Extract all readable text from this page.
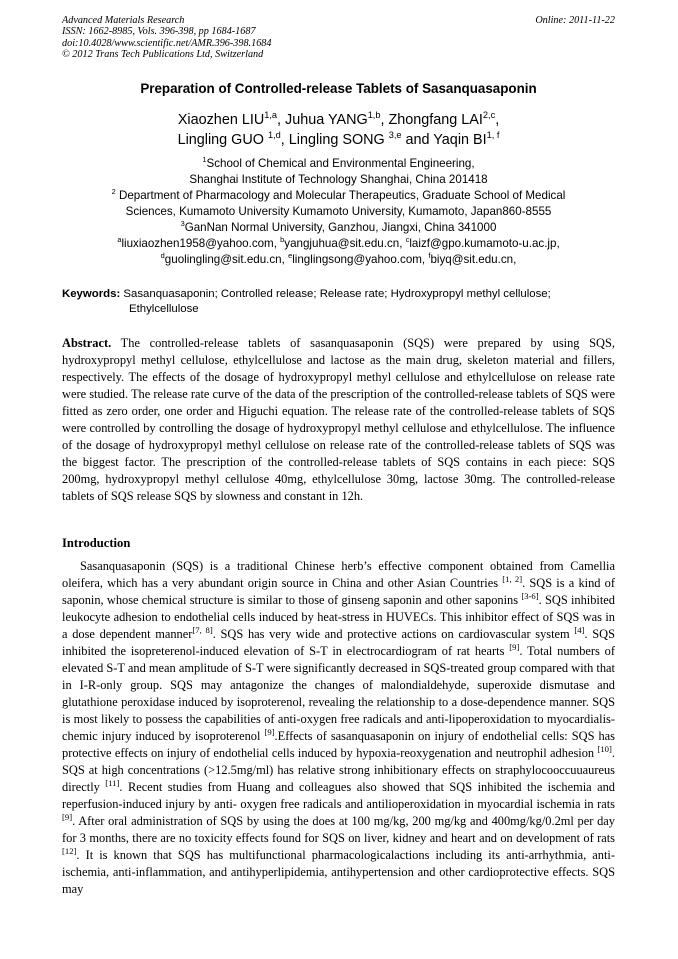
Advanced Materials Research
ISSN: 1662-8985, Vols. 396-398, pp 1684-1687
doi:10.4028/www.scientific.net/AMR.396-398.1684
© 2012 Trans Tech Publications Ltd, Switzerland
Online: 2011-11-22
Preparation of Controlled-release Tablets of Sasanquasaponin
Xiaozhen LIU$^{1,a}$, Juhua YANG$^{1,b}$, Zhongfang LAI$^{2,c}$,
Lingling GUO $^{1,d}$, Lingling SONG $^{3,e}$ and Yaqin BI$^{1, f}$
$^1$School of Chemical and Environmental Engineering,
Shanghai Institute of Technology Shanghai, China 201418
$^2$ Department of Pharmacology and Molecular Therapeutics, Graduate School of Medical
Sciences, Kumamoto University Kumamoto University, Kumamoto, Japan860-8555
$^3$GanNan Normal University, Ganzhou, Jiangxi, China 341000
$^a$liuxiaozhen1958@yahoo.com, $^b$yangjuhua@sit.edu.cn, $^c$laizf@gpo.kumamoto-u.ac.jp,
$^d$guolingling@sit.edu.cn, $^e$linglingsong@yahoo.com, $^f$biyq@sit.edu.cn,
Keywords: Sasanquasaponin; Controlled release; Release rate; Hydroxypropyl methyl cellulose;
Ethylcellulose
Abstract. The controlled-release tablets of sasanquasaponin (SQS) were prepared by using SQS, hydroxypropyl methyl cellulose, ethylcellulose and lactose as the main drug, skeleton material and fillers, respectively. The effects of the dosage of hydroxypropyl methyl cellulose and ethylcellulose on release rate were studied. The release rate curve of the data of the prescription of the controlled-release tablets of SQS were fitted as zero order, one order and Higuchi equation. The release rate of the controlled-release tablets of SQS were controlled by controlling the dosage of hydroxypropyl methyl cellulose and ethylcellulose. The influence of the dosage of hydroxypropyl methyl cellulose on release rate of the controlled-release tablets of SQS was the biggest factor. The prescription of the controlled-release tablets of SQS contains in each piece: SQS 200mg, hydroxypropyl methyl cellulose 40mg, ethylcellulose 30mg, lactose 30mg. The controlled-release tablets of SQS release SQS by slowness and constant in 12h.
Introduction
Sasanquasaponin (SQS) is a traditional Chinese herb’s effective component obtained from Camellia oleifera, which has a very abundant origin source in China and other Asian Countries [1, 2]. SQS is a kind of saponin, whose chemical structure is similar to those of ginseng saponin and other saponins [3-6]. SQS inhibited leukocyte adhesion to endothelial cells induced by heat-stress in HUVECs. This inhibitor effect of SQS was in a dose dependent manner[7, 8]. SQS has very wide and protective actions on cardiovascular system [4]. SQS inhibited the isopreterenol-induced elevation of S-T in electrocardiogram of rat hearts [9]. Total numbers of elevated S-T and mean amplitude of S-T were significantly decreased in SQS-treated group compared with that in I-R-only group. SQS may antagonize the changes of malondialdehyde, superoxide dismutase and glutathione peroxidase induced by isoproterenol, revealing the relationship to a dose-dependence manner. SQS is most likely to possess the capabilities of anti-oxygen free radicals and anti-lipoperoxidation to myocardialis-chemic injury induced by isoproterenol [9].Effects of sasanquasaponin on injury of endothelial cells: SQS has protective effects on injury of endothelial cells induced by hypoxia-reoxygenation and neutrophil adhesion [10]. SQS at high concentrations (>12.5mg/ml) has relative strong inhibitionary effects on straphylocooccuuaureus directly [11]. Recent studies from Huang and colleagues also showed that SQS inhibited the ischemia and reperfusion-induced injury by anti- oxygen free radicals and antilioperoxidation in myocardial ischemia in rats [9]. After oral administration of SQS by using the does at 100 mg/kg, 200 mg/kg and 400mg/kg/0.2ml per day for 3 months, there are no toxicity effects found for SQS on liver, kidney and heart and on development of rats [12]. It is known that SQS has multifunctional pharmacologicalactions including its anti-arrhythmia, anti-ischemia, anti-inflammation, and antihyperlipidemia, antihypertension and other cardioprotective effects. SQS may
